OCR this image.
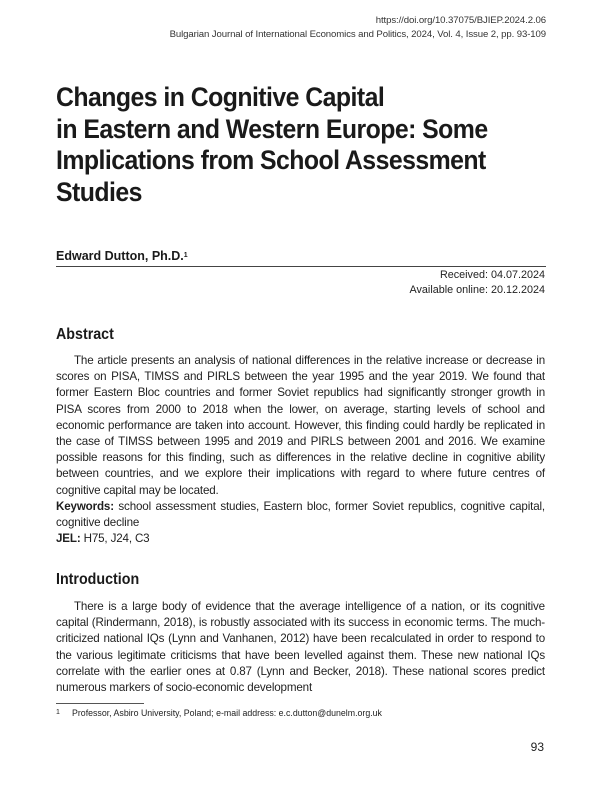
https://doi.org/10.37075/BJIEP.2024.2.06
Bulgarian Journal of International Economics and Politics, 2024, Vol. 4, Issue 2, pp. 93-109
Changes in Cognitive Capital
in Eastern and Western Europe: Some
Implications from School Assessment
Studies
Edward Dutton, Ph.D.$^1$
Received: 04.07.2024
Available online: 20.12.2024
Abstract

The article presents an analysis of national differences in the relative increase or decrease in scores on PISA, TIMSS and PIRLS between the year 1995 and the year 2019. We found that former Eastern Bloc countries and former Soviet republics had significantly stronger growth in PISA scores from 2000 to 2018 when the lower, on average, starting levels of school and economic performance are taken into account. However, this finding could hardly be replicated in the case of TIMSS between 1995 and 2019 and PIRLS between 2001 and 2016. We examine possible reasons for this finding, such as differences in the relative decline in cognitive ability between countries, and we explore their implications with regard to where future centres of cognitive capital may be located.

Keywords: school assessment studies, Eastern bloc, former Soviet republics, cognitive capital, cognitive decline
JEL: H75, J24, C3

Introduction

There is a large body of evidence that the average intelligence of a nation, or its cognitive capital (Rindermann, 2018), is robustly associated with its success in economic terms. The much-criticized national IQs (Lynn and Vanhanen, 2012) have been recalculated in order to respond to the various legitimate criticisms that have been levelled against them. These new national IQs correlate with the earlier ones at 0.87 (Lynn and Becker, 2018). These national scores predict numerous markers of socio-economic development

1 Professor, Asbiro University, Poland; e-mail address: e.c.dutton@dunelm.org.uk
93
